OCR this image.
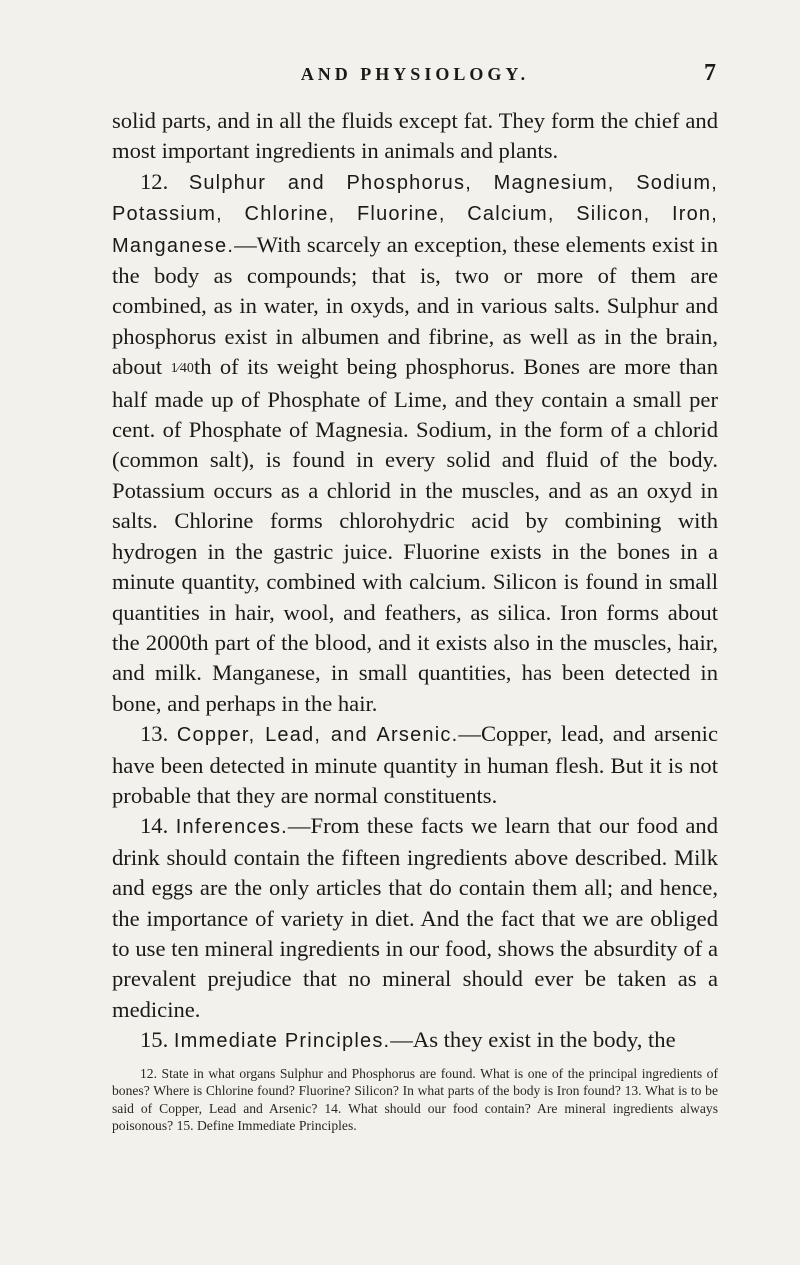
AND PHYSIOLOGY.	7

solid parts, and in all the fluids except fat. They form the chief and most important ingredients in animals and plants.

12. Sulphur and Phosphorus, Magnesium, Sodium, Potassium, Chlorine, Fluorine, Calcium, Silicon, Iron, Manganese.—With scarcely an exception, these elements exist in the body as compounds; that is, two or more of them are combined, as in water, in oxyds, and in various salts. Sulphur and phosphorus exist in albumen and fibrine, as well as in the brain, about 1⁄40th of its weight being phosphorus. Bones are more than half made up of Phosphate of Lime, and they contain a small per cent. of Phosphate of Magnesia. Sodium, in the form of a chlorid (common salt), is found in every solid and fluid of the body. Potassium occurs as a chlorid in the muscles, and as an oxyd in salts. Chlorine forms chlorohydric acid by combining with hydrogen in the gastric juice. Fluorine exists in the bones in a minute quantity, combined with calcium. Silicon is found in small quantities in hair, wool, and feathers, as silica. Iron forms about the 2000th part of the blood, and it exists also in the muscles, hair, and milk. Manganese, in small quantities, has been detected in bone, and perhaps in the hair.

13. Copper, Lead, and Arsenic.—Copper, lead, and arsenic have been detected in minute quantity in human flesh. But it is not probable that they are normal constituents.

14. Inferences.—From these facts we learn that our food and drink should contain the fifteen ingredients above described. Milk and eggs are the only articles that do contain them all; and hence, the importance of variety in diet. And the fact that we are obliged to use ten mineral ingredients in our food, shows the absurdity of a prevalent prejudice that no mineral should ever be taken as a medicine.

15. Immediate Principles.—As they exist in the body, the

12. State in what organs Sulphur and Phosphorus are found. What is one of the principal ingredients of bones? Where is Chlorine found? Fluorine? Silicon? In what parts of the body is Iron found? 13. What is to be said of Copper, Lead and Arsenic? 14. What should our food contain? Are mineral ingredients always poisonous? 15. Define Immediate Principles.
